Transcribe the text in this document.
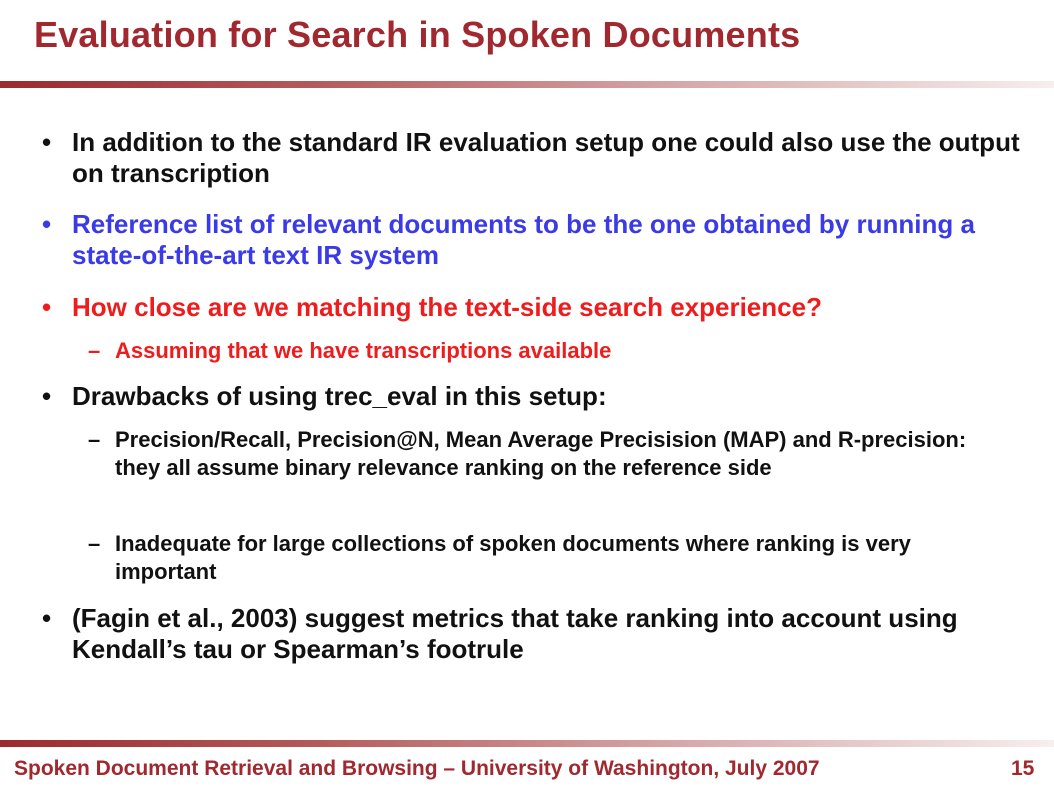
Evaluation for Search in Spoken Documents
• In addition to the standard IR evaluation setup one could also use the output on transcription
• Reference list of relevant documents to be the one obtained by running a state-of-the-art text IR system
• How close are we matching the text-side search experience?
– Assuming that we have transcriptions available
• Drawbacks of using trec_eval in this setup:
– Precision/Recall, Precision@N, Mean Average Precisision (MAP) and R-precision: they all assume binary relevance ranking on the reference side
– Inadequate for large collections of spoken documents where ranking is very important
• (Fagin et al., 2003) suggest metrics that take ranking into account using Kendall’s tau or Spearman’s footrule
Spoken Document Retrieval and Browsing – University of Washington, July 2007	15
